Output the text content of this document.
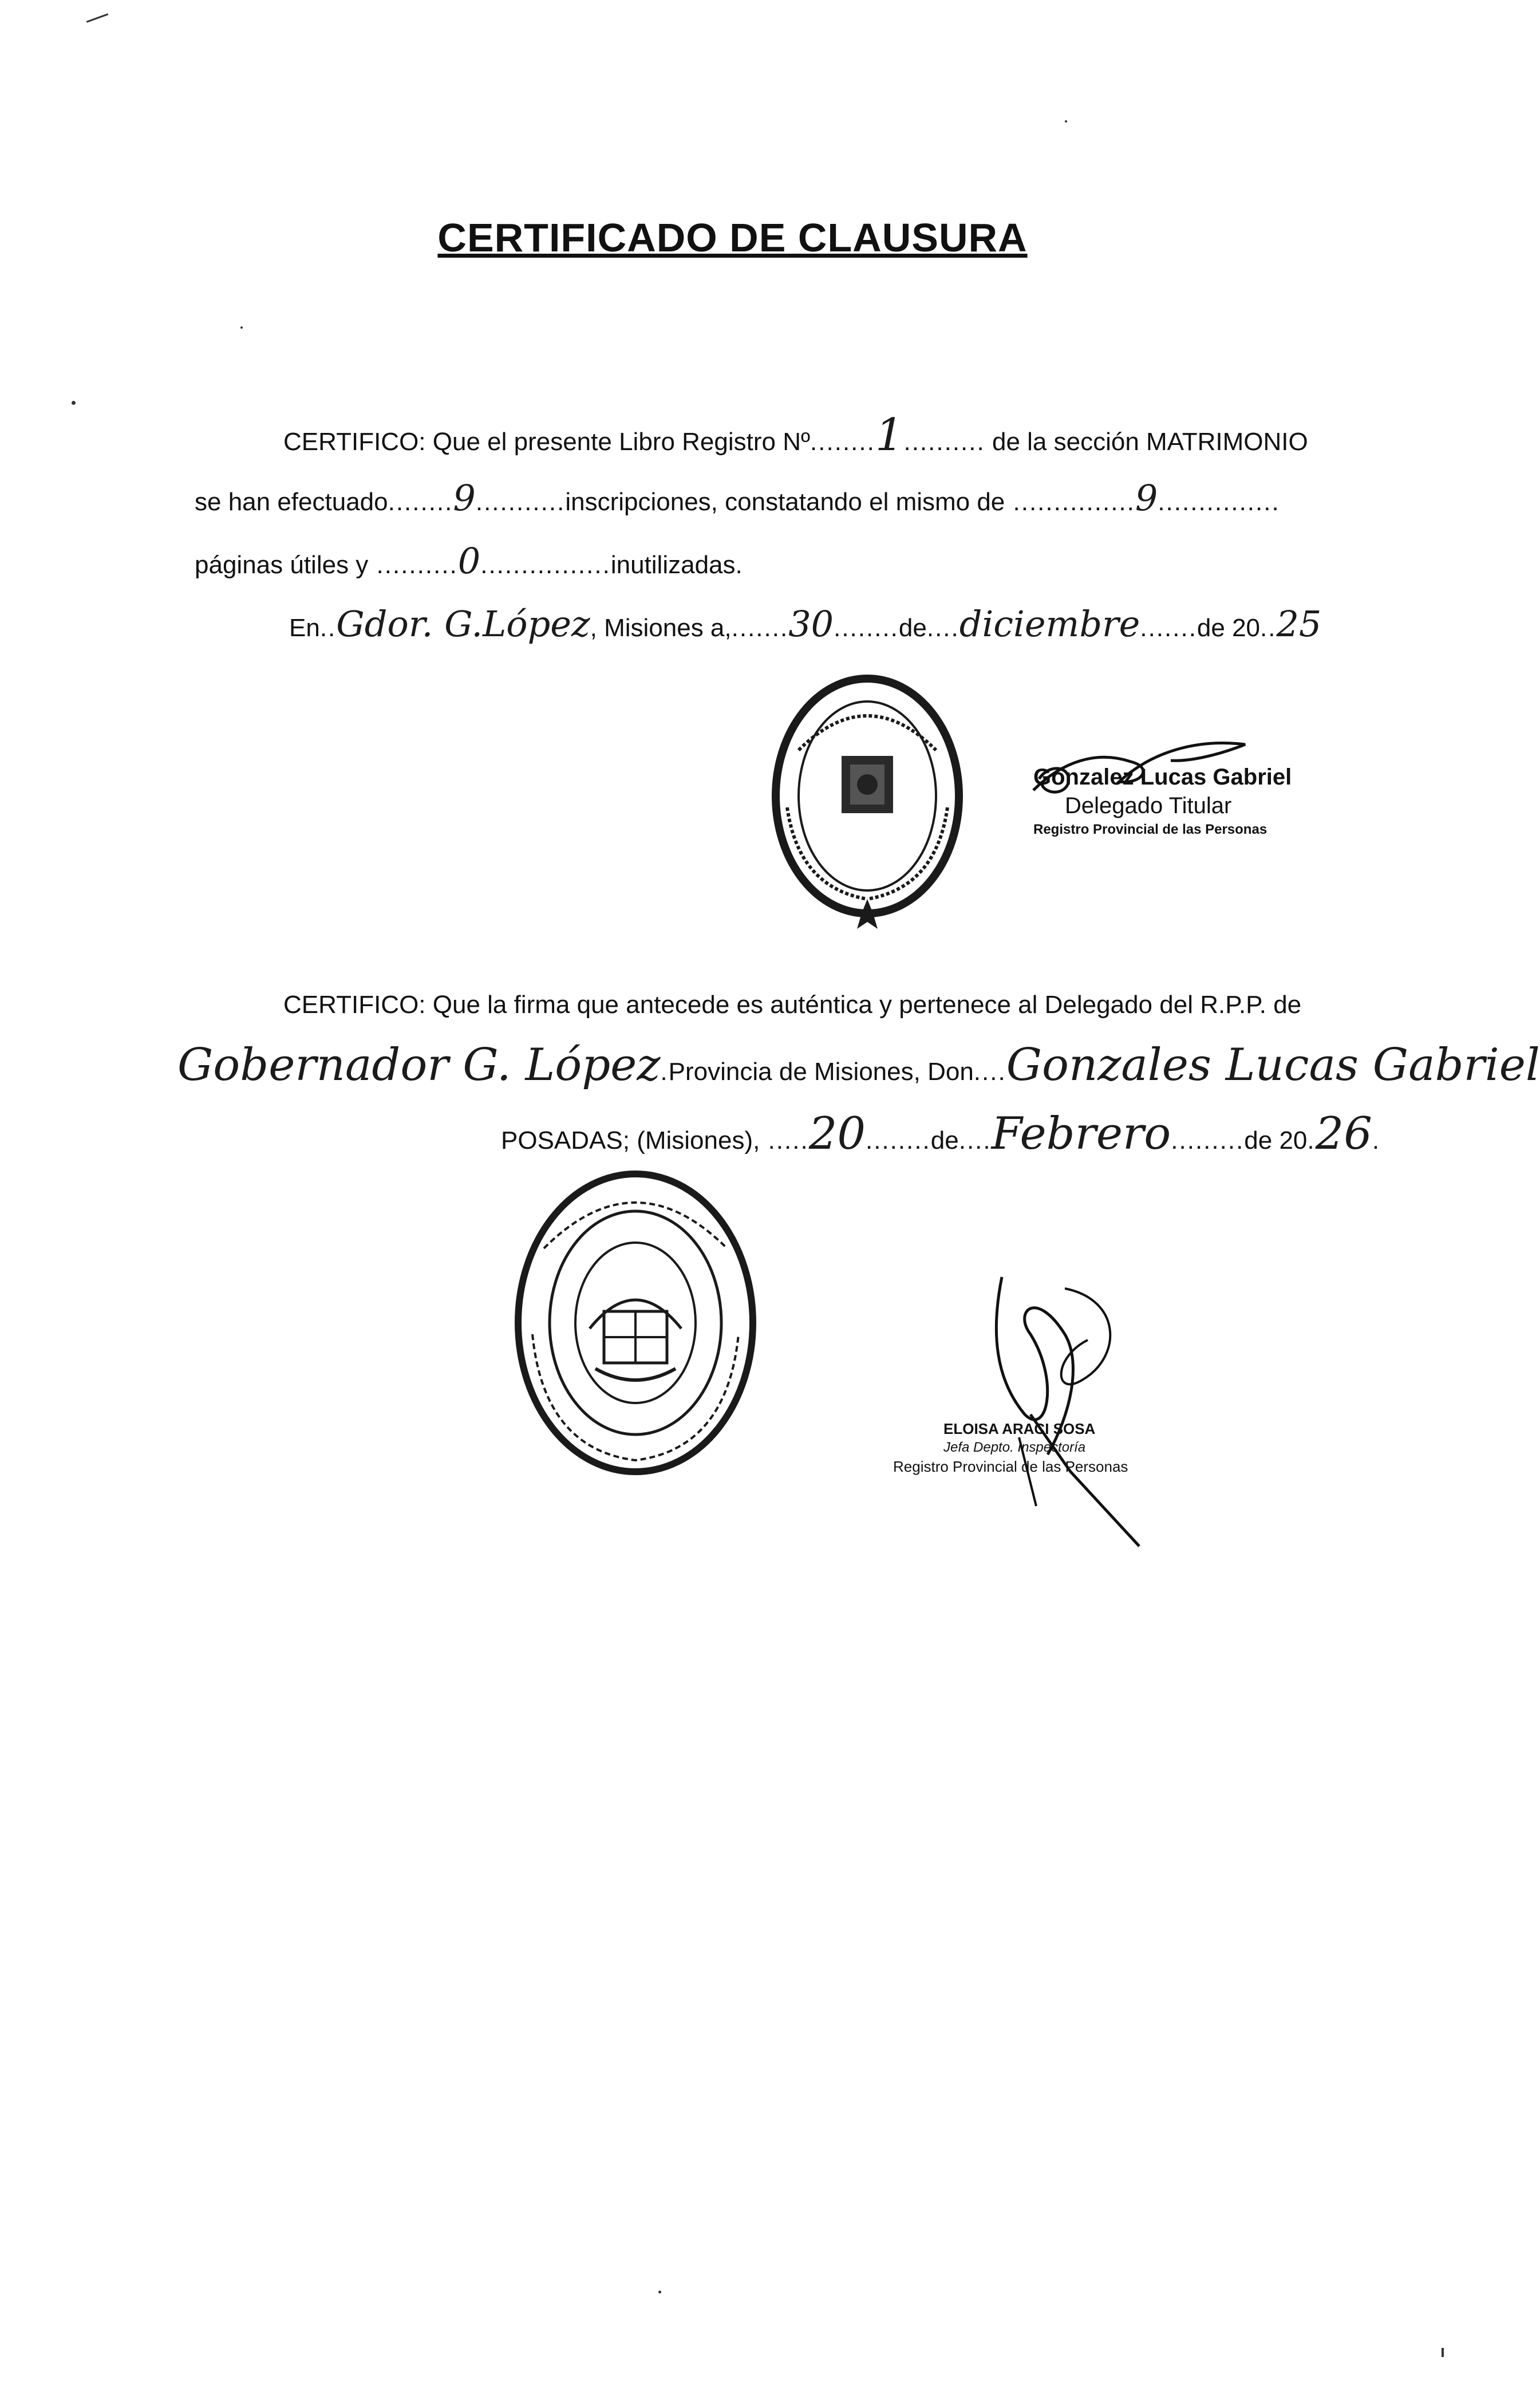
CERTIFICADO DE CLAUSURA
CERTIFICO: Que el presente Libro Registro Nº........1.......... de la sección MATRIMONIO
se han efectuado........9...........inscripciones, constatando el mismo de ...............9...............
páginas útiles y ..........0................inutilizadas.
En..Gdor. G.López, Misiones a,.......30........de....diciembre.......de 20..25
Gonzalez Lucas Gabriel
Delegado Titular
Registro Provincial de las Personas
CERTIFICO: Que la firma que antecede es auténtica y pertenece al Delegado del R.P.P. de
Gobernador G. López.Provincia de Misiones, Don....Gonzales Lucas Gabriel
POSADAS; (Misiones), .....20........de....Febrero.........de 20.26.
ELOISA ARACI SOSA
Jefa Depto. Inspectoría
Registro Provincial de las Personas
